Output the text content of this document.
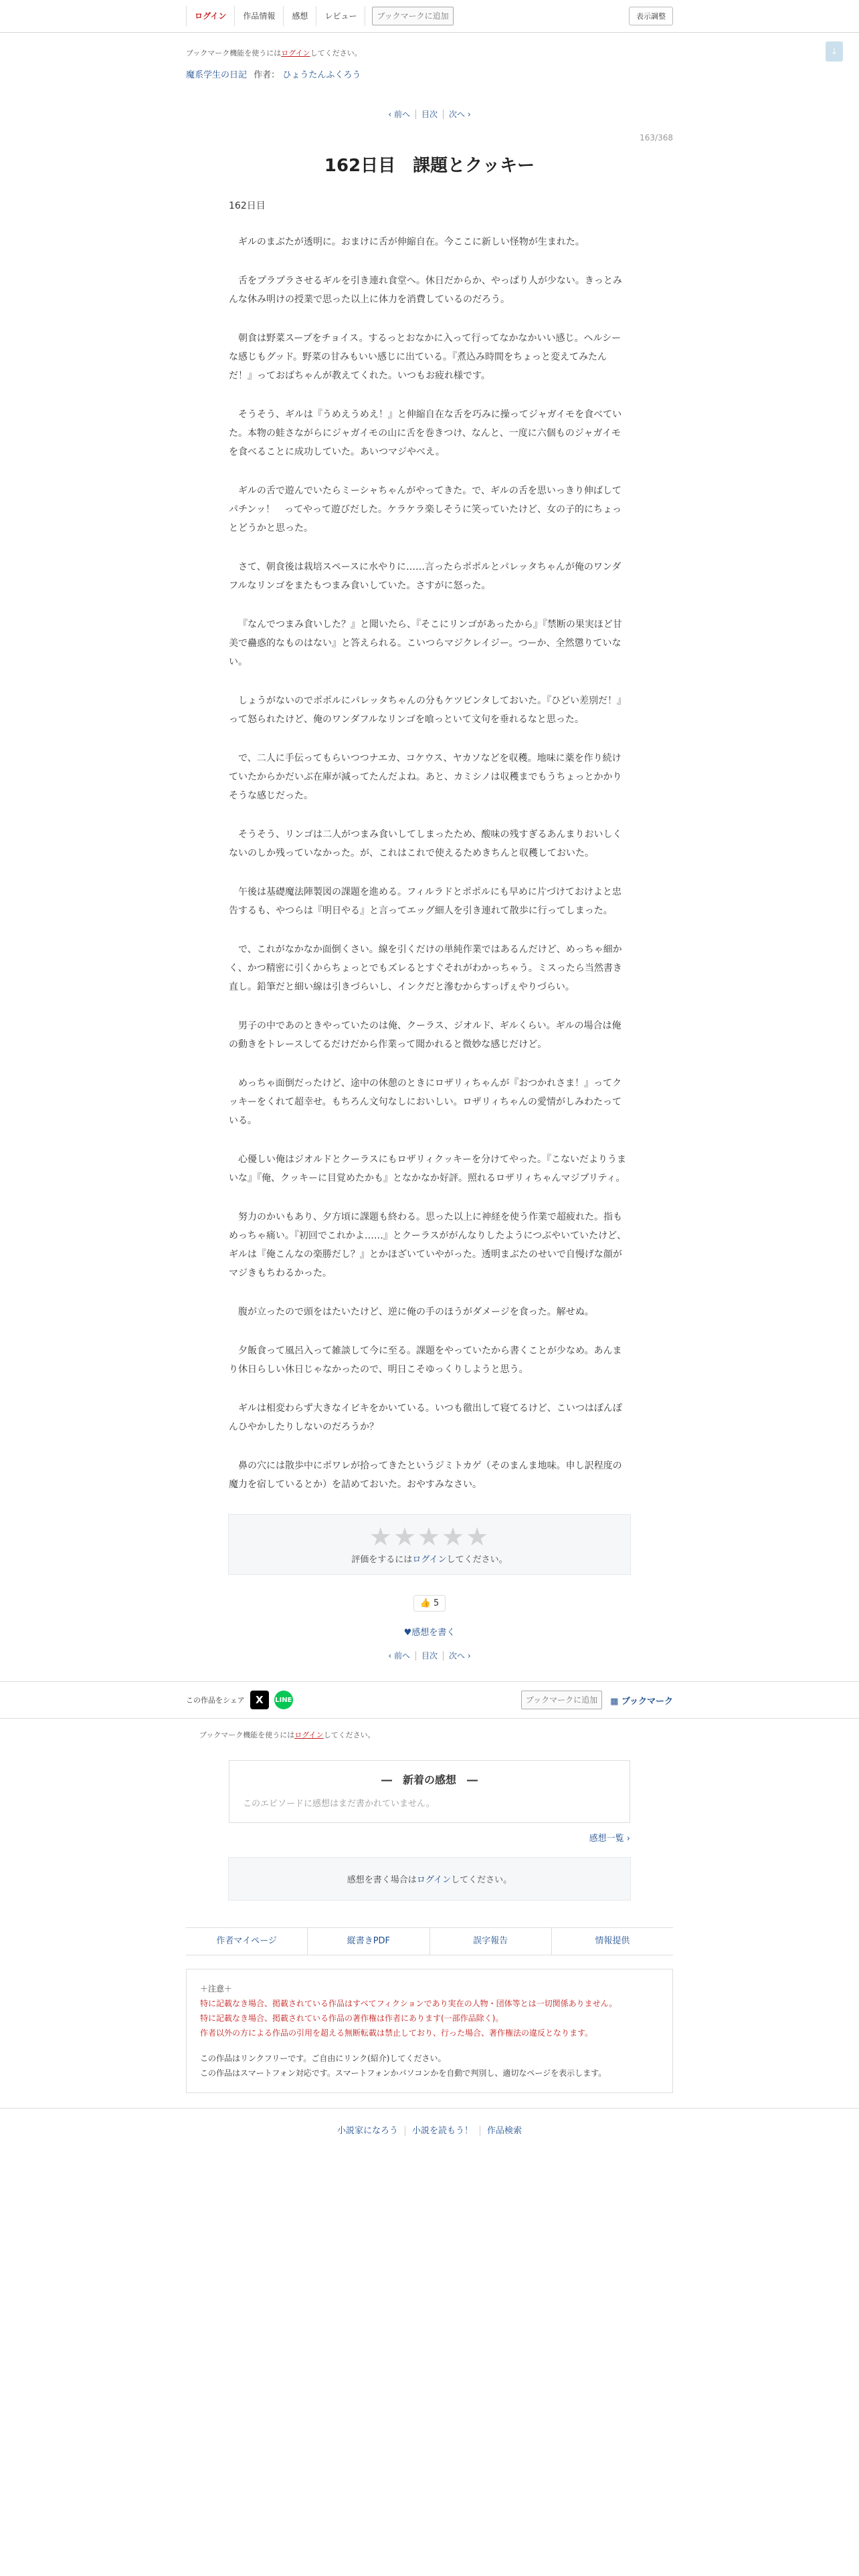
ログイン	作品情報	感想	レビュー	ブックマークに追加	表示調整
↓
ブックマーク機能を使うにはログインしてください。
魔系学生の日記 作者： ひょうたんふくろう
‹ 前へ 目次 次へ ›
163/368
162日目　課題とクッキー
162日目

ギルのまぶたが透明に。おまけに舌が伸縮自在。今ここに新しい怪物が生まれた。

舌をプラプラさせるギルを引き連れ食堂へ。休日だからか、やっぱり人が少ない。きっとみんな休み明けの授業で思った以上に体力を消費しているのだろう。

朝食は野菜スープをチョイス。するっとおなかに入って行ってなかなかいい感じ。ヘルシーな感じもグッド。野菜の甘みもいい感じに出ている。『煮込み時間をちょっと変えてみたんだ！』っておばちゃんが教えてくれた。いつもお疲れ様です。

そうそう、ギルは『うめえうめえ！』と伸縮自在な舌を巧みに操ってジャガイモを食べていた。本物の蛙さながらにジャガイモの山に舌を巻きつけ、なんと、一度に六個ものジャガイモを食べることに成功していた。あいつマジやべえ。

ギルの舌で遊んでいたらミーシャちゃんがやってきた。で、ギルの舌を思いっきり伸ばしてパチンッ！　ってやって遊びだした。ケラケラ楽しそうに笑っていたけど、女の子的にちょっとどうかと思った。

さて、朝食後は栽培スペースに水やりに……言ったらポポルとパレッタちゃんが俺のワンダフルなリンゴをまたもつまみ食いしていた。さすがに怒った。

『なんでつまみ食いした？』と聞いたら、『そこにリンゴがあったから』『禁断の果実ほど甘美で蠱惑的なものはない』と答えられる。こいつらマジクレイジー。つーか、全然懲りていない。

しょうがないのでポポルにパレッタちゃんの分もケツビンタしておいた。『ひどい差別だ！』って怒られたけど、俺のワンダフルなリンゴを喰っといて文句を垂れるなと思った。

で、二人に手伝ってもらいつつナエカ、コケウス、ヤカソなどを収穫。地味に薬を作り続けていたからかだいぶ在庫が減ってたんだよね。あと、カミシノは収穫までもうちょっとかかりそうな感じだった。

そうそう、リンゴは二人がつまみ食いしてしまったため、酸味の残すぎるあんまりおいしくないのしか残っていなかった。が、これはこれで使えるためきちんと収穫しておいた。

午後は基礎魔法陣製図の課題を進める。フィルラドとポポルにも早めに片づけておけよと忠告するも、やつらは『明日やる』と言ってエッグ細人を引き連れて散歩に行ってしまった。

で、これがなかなか面倒くさい。線を引くだけの単純作業ではあるんだけど、めっちゃ細かく、かつ精密に引くからちょっとでもズレるとすぐそれがわかっちゃう。ミスったら当然書き直し。鉛筆だと細い線は引きづらいし、インクだと滲むからすっげぇやりづらい。

男子の中であのときやっていたのは俺、クーラス、ジオルド、ギルくらい。ギルの場合は俺の動きをトレースしてるだけだから作業って聞かれると微妙な感じだけど。

めっちゃ面倒だったけど、途中の休憩のときにロザリィちゃんが『おつかれさま！』ってクッキーをくれて超幸せ。もちろん文句なしにおいしい。ロザリィちゃんの愛情がしみわたっている。

心優しい俺はジオルドとクーラスにもロザリィクッキーを分けてやった。『こないだよりうまいな』『俺、クッキーに目覚めたかも』となかなか好評。照れるロザリィちゃんマジプリティ。

努力のかいもあり、夕方頃に課題も終わる。思った以上に神経を使う作業で超疲れた。指もめっちゃ痛い。『初回でこれかよ……』とクーラスががんなりしたようにつぶやいていたけど、ギルは『俺こんなの楽勝だし？』とかほざいていやがった。透明まぶたのせいで自慢げな顔がマジきもちわるかった。

腹が立ったので頭をはたいたけど、逆に俺の手のほうがダメージを食った。解せぬ。

夕飯食って風呂入って雑談して今に至る。課題をやっていたから書くことが少なめ。あんまり休日らしい休日じゃなかったので、明日こそゆっくりしようと思う。

ギルは相変わらず大きなイビキをかいている。いつも徹出して寝てるけど、こいつはぽんぽんひやかしたりしないのだろうか？

鼻の穴には散歩中にポワレが拾ってきたというジミトカゲ（そのまんま地味。申し訳程度の魔力を宿しているとか）を詰めておいた。おやすみなさい。

★★★★★
評価をするにはログインしてください。
👍 5
♥感想を書く
‹ 前へ 目次 次へ ›
この作品をシェア	X	LINE	ブックマークに追加	▦ ブックマーク
ブックマーク機能を使うにはログインしてください。
―　新着の感想　―
このエピソードに感想はまだ書かれていません。
感想一覧 ›
感想を書く場合はログインしてください。
作者マイページ	縦書きPDF	誤字報告	情報提供
＋注意＋
特に記載なき場合、掲載されている作品はすべてフィクションであり実在の人物・団体等とは一切関係ありません。
特に記載なき場合、掲載されている作品の著作権は作者にあります(一部作品除く)。
作者以外の方による作品の引用を超える無断転載は禁止しており、行った場合、著作権法の違反となります。
この作品はリンクフリーです。ご自由にリンク(紹介)してください。
この作品はスマートフォン対応です。スマートフォンかパソコンかを自動で判別し、適切なページを表示します。
小説家になろう 小説を読もう！ 作品検索
